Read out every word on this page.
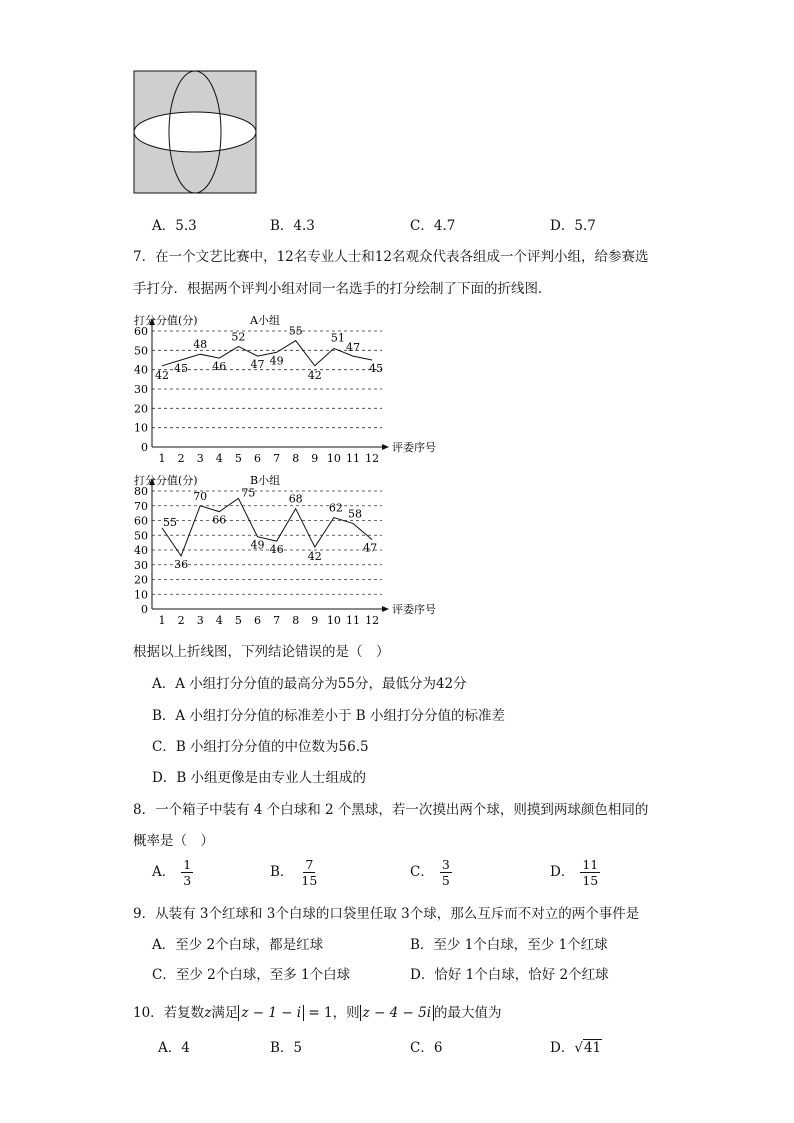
A．5.3	B．4.3	C．4.7	D．5.7
7．在一个文艺比赛中，12名专业人士和12名观众代表各组成一个评判小组，给参赛选
手打分．根据两个评判小组对同一名选手的打分绘制了下面的折线图．
0
10
20
30
40
50
60
打分分值(分)	A小组
评委序号
1 2 3 4 5 6 7 8 9 10 11 12
42
45
48
46
52
47 49
55
42
51
47
45
0
10
20
30
40
50
60
70
80
打分分值(分)	B小组
评委序号
1 2 3 4 5 6 7 8 9 10 11 12
55
36
70
66
75
49 46
68
42
62 58
47
根据以上折线图，下列结论错误的是（　）
A．A 小组打分分值的最高分为55分，最低分为42分
B．A 小组打分分值的标准差小于 B 小组打分分值的标准差
C．B 小组打分分值的中位数为56.5
D．B 小组更像是由专业人士组成的
8．一个箱子中装有 4 个白球和 2 个黑球，若一次摸出两个球，则摸到两球颜色相同的
概率是（　）
A． $\frac{1}{3}$	B． $\frac{7}{15}$	C． $\frac{3}{5}$	D． $\frac{11}{15}$
9．从装有 3个红球和 3个白球的口袋里任取 3个球，那么互斥而不对立的两个事件是
A．至少 2个白球，都是红球	B．至少 1个白球，至少 1个红球
C．至少 2个白球，至多 1个白球	D．恰好 1个白球，恰好 2个红球
10．若复数z满足 z − 1 − i = 1，则 z − 4 − 5i 的最大值为
A．4	B．5	C．6	D．√41
